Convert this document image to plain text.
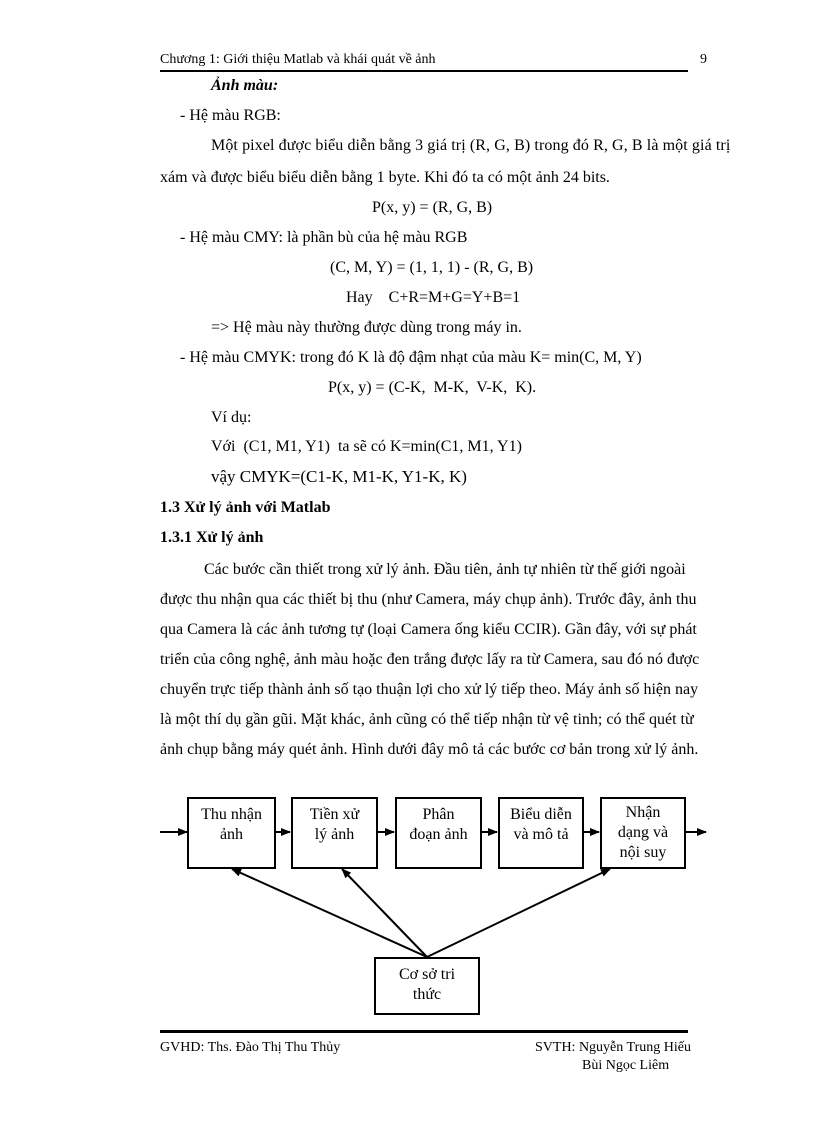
Chương 1: Giới thiệu Matlab và khái quát về ảnh	9
Ảnh màu:
- Hệ màu RGB:
Một pixel được biểu diễn bằng 3 giá trị (R, G, B) trong đó R, G, B là một giá trị
xám và được biểu biểu diễn bằng 1 byte. Khi đó ta có một ảnh 24 bits.
P(x, y) = (R, G, B)
- Hệ màu CMY: là phần bù của hệ màu RGB
(C, M, Y) = (1, 1, 1) - (R, G, B)
Hay    C+R=M+G=Y+B=1
=> Hệ màu này thường được dùng trong máy in.
- Hệ màu CMYK: trong đó K là độ đậm nhạt của màu K= min(C, M, Y)
P(x, y) = (C-K,  M-K,  V-K,  K).
Ví dụ:
Với  (C1, M1, Y1)  ta sẽ có K=min(C1, M1, Y1)
vậy CMYK=(C1-K, M1-K, Y1-K, K)
1.3 Xử lý ảnh với Matlab
1.3.1 Xử lý ảnh
Các bước cần thiết trong xử lý ảnh. Đầu tiên, ảnh tự nhiên từ thế giới ngoài
được thu nhận qua các thiết bị thu (như Camera, máy chụp ảnh). Trước đây, ảnh thu
qua Camera là các ảnh tương tự (loại Camera ống kiểu CCIR). Gần đây, với sự phát
triển của công nghệ, ảnh màu hoặc đen trắng được lấy ra từ Camera, sau đó nó được
chuyển trực tiếp thành ảnh số tạo thuận lợi cho xử lý tiếp theo. Máy ảnh số hiện nay
là một thí dụ gần gũi. Mặt khác, ảnh cũng có thể tiếp nhận từ vệ tinh; có thể quét từ
ảnh chụp bằng máy quét ảnh. Hình dưới đây mô tả các bước cơ bản trong xử lý ảnh.
Thu nhận
ảnh
Tiền xử
lý ảnh
Phân
đoạn ảnh
Biểu diễn
và mô tả
Nhận
dạng và
nội suy
Cơ sở tri
thức
GVHD: Ths. Đào Thị Thu Thủy	SVTH: Nguyễn Trung Hiếu
Bùi Ngọc Liêm
